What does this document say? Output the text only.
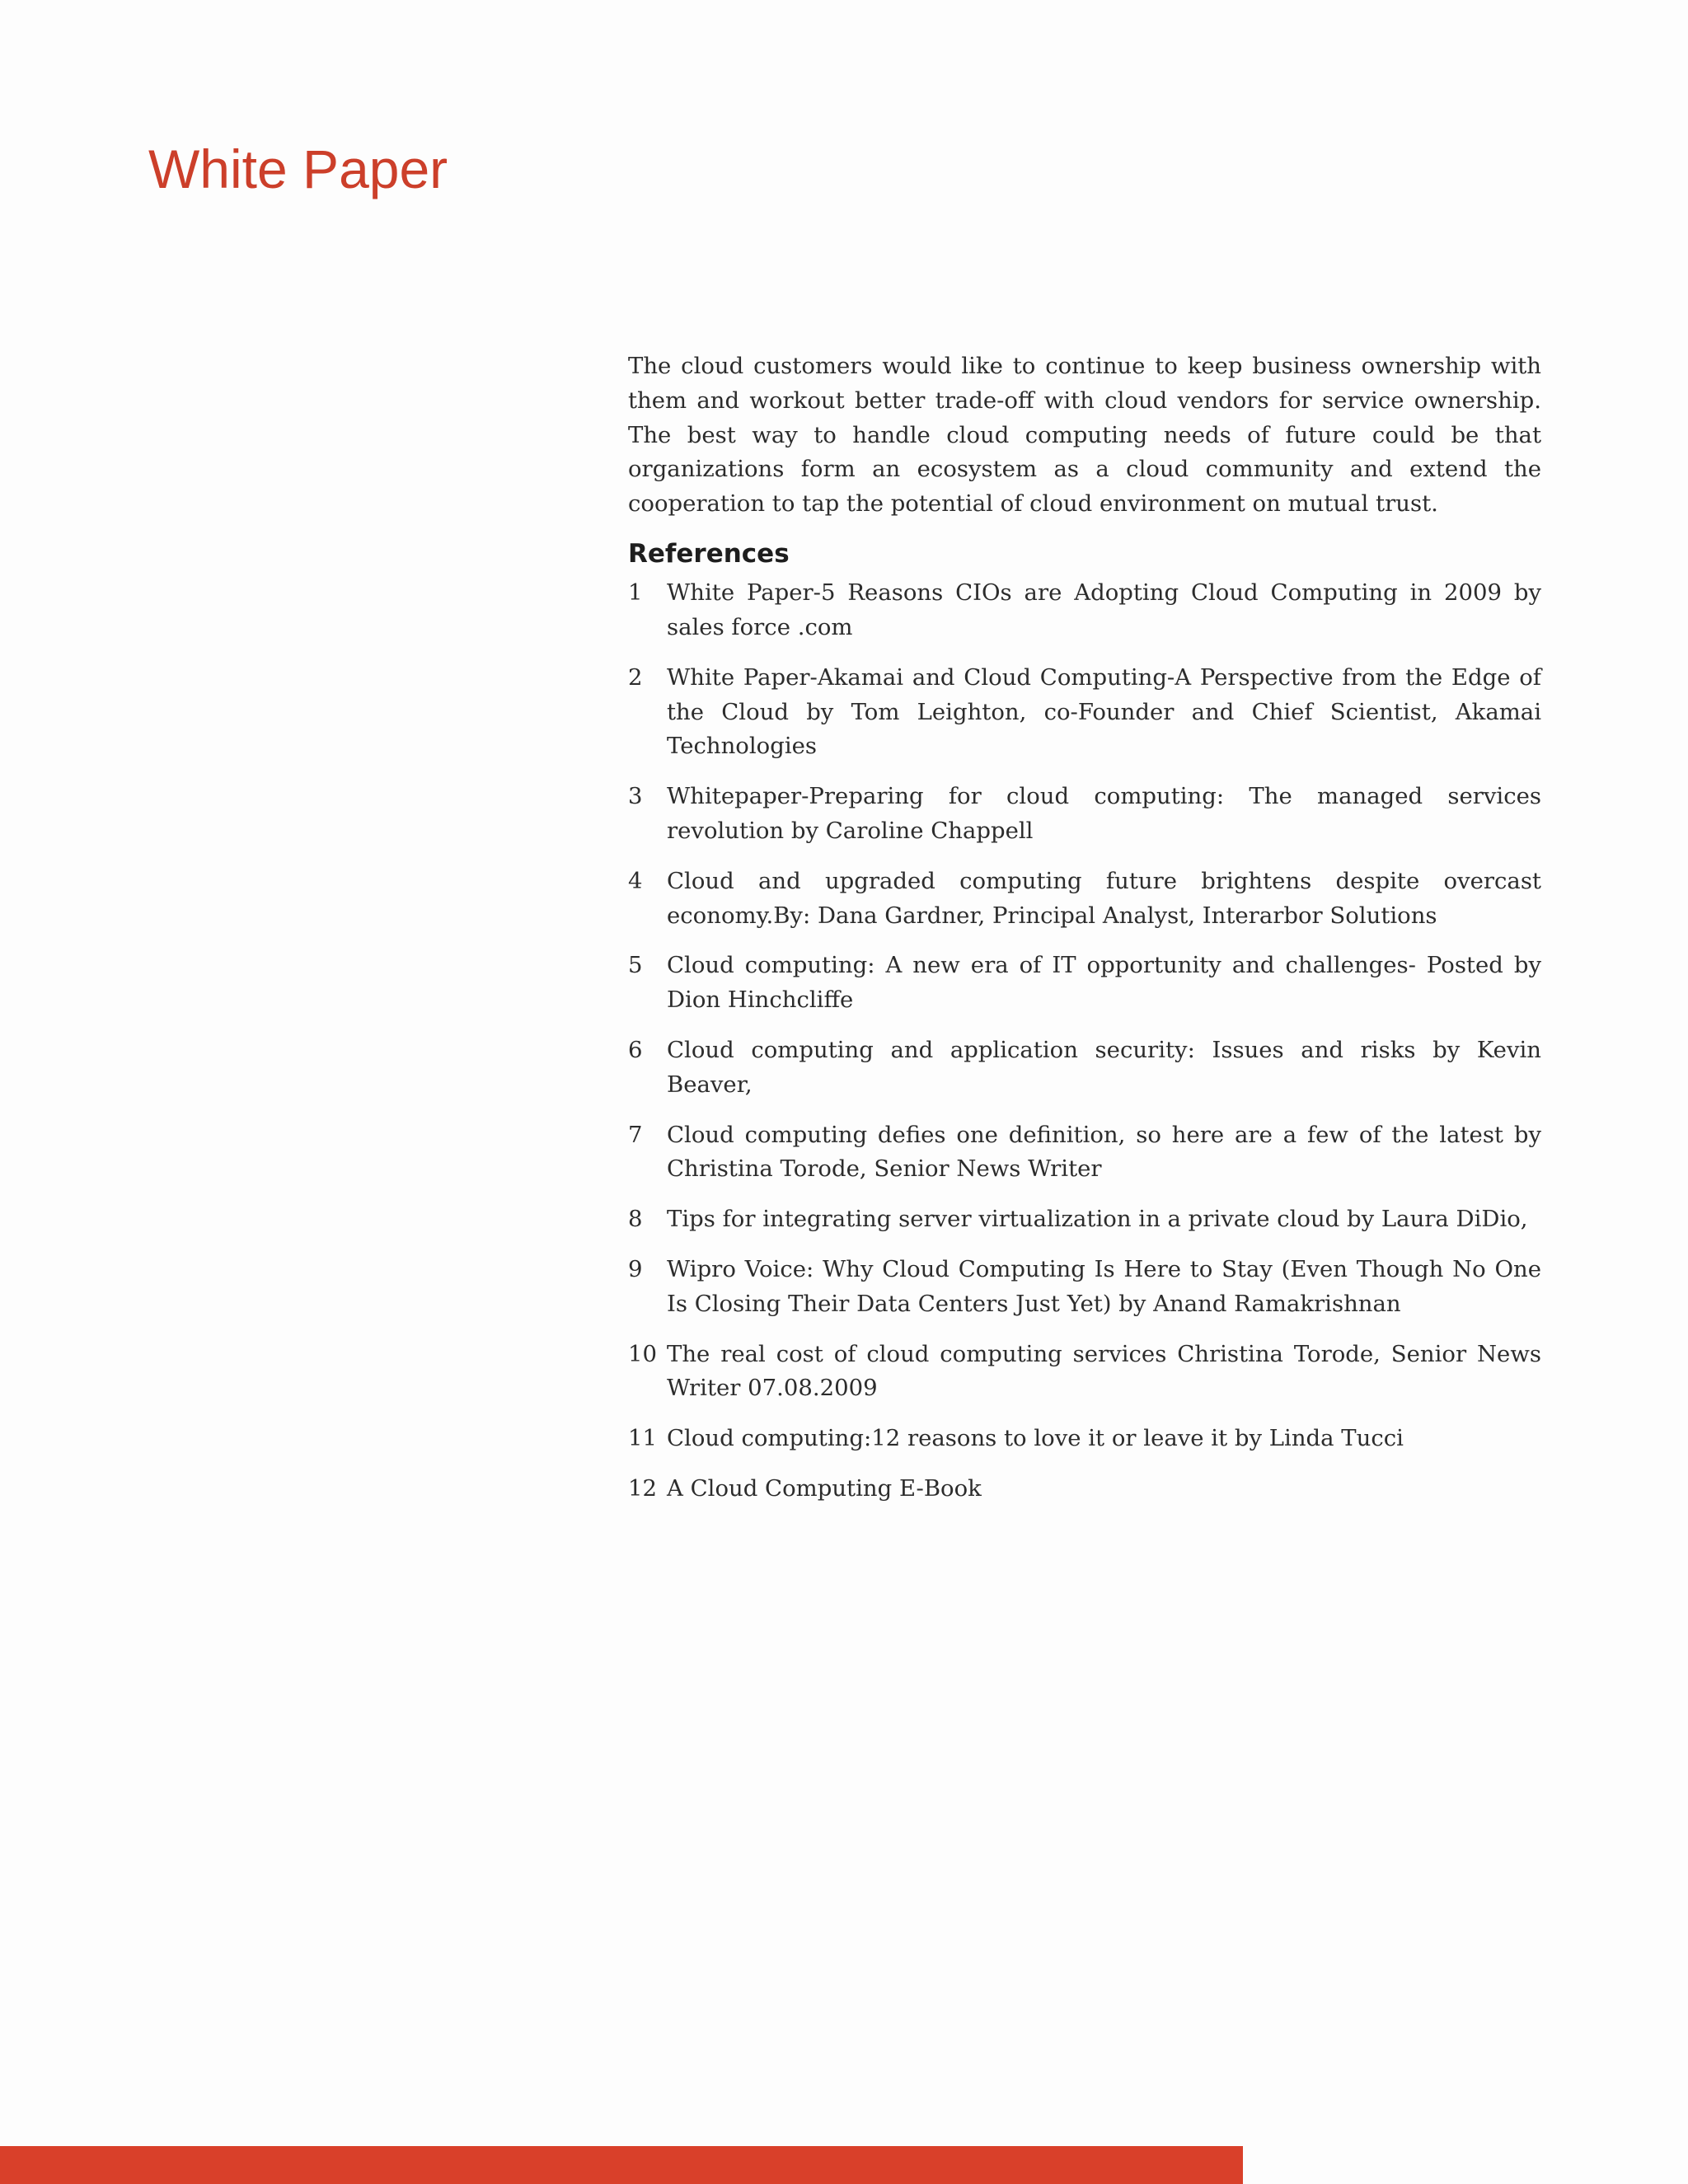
White Paper

The cloud customers would like to continue to keep business ownership with them and workout better trade-off with cloud vendors for service ownership. The best way to handle cloud computing needs of future could be that organizations form an ecosystem as a cloud community and extend the cooperation to tap the potential of cloud environment on mutual trust.

References
1 White Paper-5 Reasons CIOs are Adopting Cloud Computing in 2009 by sales force .com
2 White Paper-Akamai and Cloud Computing-A Perspective from the Edge of the Cloud by Tom Leighton, co-Founder and Chief Scientist, Akamai Technologies
3 Whitepaper-Preparing for cloud computing: The managed services revolution by Caroline Chappell
4 Cloud and upgraded computing future brightens despite overcast economy.By: Dana Gardner, Principal Analyst, Interarbor Solutions
5 Cloud computing: A new era of IT opportunity and challenges- Posted by Dion Hinchcliffe
6 Cloud computing and application security: Issues and risks by Kevin Beaver,
7 Cloud computing defies one definition, so here are a few of the latest by Christina Torode, Senior News Writer
8 Tips for integrating server virtualization in a private cloud by Laura DiDio,
9 Wipro Voice: Why Cloud Computing Is Here to Stay (Even Though No One Is Closing Their Data Centers Just Yet) by Anand Ramakrishnan
10 The real cost of cloud computing services Christina Torode, Senior News Writer 07.08.2009
11 Cloud computing:12 reasons to love it or leave it by Linda Tucci
12 A Cloud Computing E-Book
